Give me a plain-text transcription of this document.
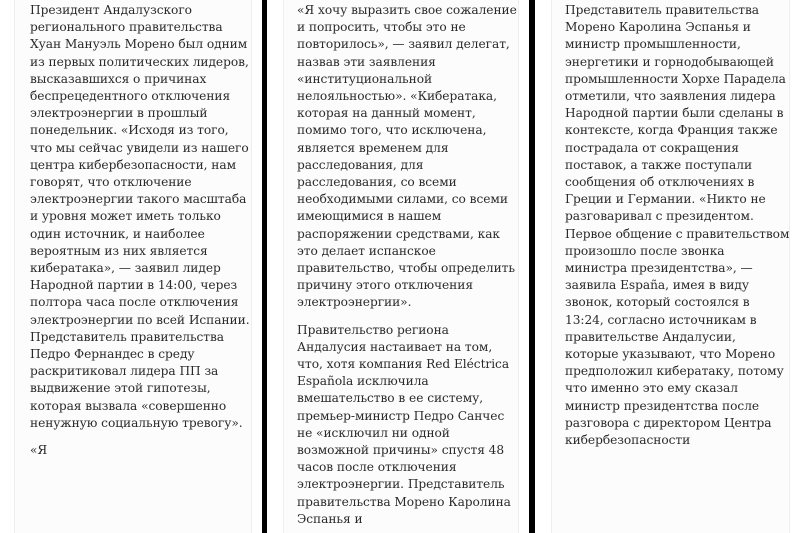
Президент Андалузского регионального правительства Хуан Мануэль Морено был одним из первых политических лидеров, высказавшихся о причинах беспрецедентного отключения электроэнергии в прошлый понедельник. «Исходя из того, что мы сейчас увидели из нашего центра кибербезопасности, нам говорят, что отключение электроэнергии такого масштаба и уровня может иметь только один источник, и наиболее вероятным из них является кибератака», — заявил лидер Народной партии в 14:00, через полтора часа после отключения электроэнергии по всей Испании. Представитель правительства Педро Фернандес в среду раскритиковал лидера ПП за выдвижение этой гипотезы, которая вызвала «совершенно ненужную социальную тревогу».

«Я

«Я хочу выразить свое сожаление и попросить, чтобы это не повторилось», — заявил делегат, назвав эти заявления «институциональной нелояльностью». «Кибератака, которая на данный момент, помимо того, что исключена, является временем для расследования, для расследования, со всеми необходимыми силами, со всеми имеющимися в нашем распоряжении средствами, как это делает испанское правительство, чтобы определить причину этого отключения электроэнергии».

Правительство региона Андалусия настаивает на том, что, хотя компания Red Eléctrica Española исключила вмешательство в ее систему, премьер-министр Педро Санчес не «исключил ни одной возможной причины» спустя 48 часов после отключения электроэнергии. Представитель правительства Морено Каролина Эспанья и

Представитель правительства Морено Каролина Эспанья и министр промышленности, энергетики и горнодобывающей промышленности Хорхе Парадела отметили, что заявления лидера Народной партии были сделаны в контексте, когда Франция также пострадала от сокращения поставок, а также поступали сообщения об отключениях в Греции и Германии. «Никто не разговаривал с президентом. Первое общение с правительством произошло после звонка министра президентства», — заявила España, имея в виду звонок, который состоялся в 13:24, согласно источникам в правительстве Андалусии, которые указывают, что Морено предположил кибератаку, потому что именно это ему сказал министр президентства после разговора с директором Центра кибербезопасности
